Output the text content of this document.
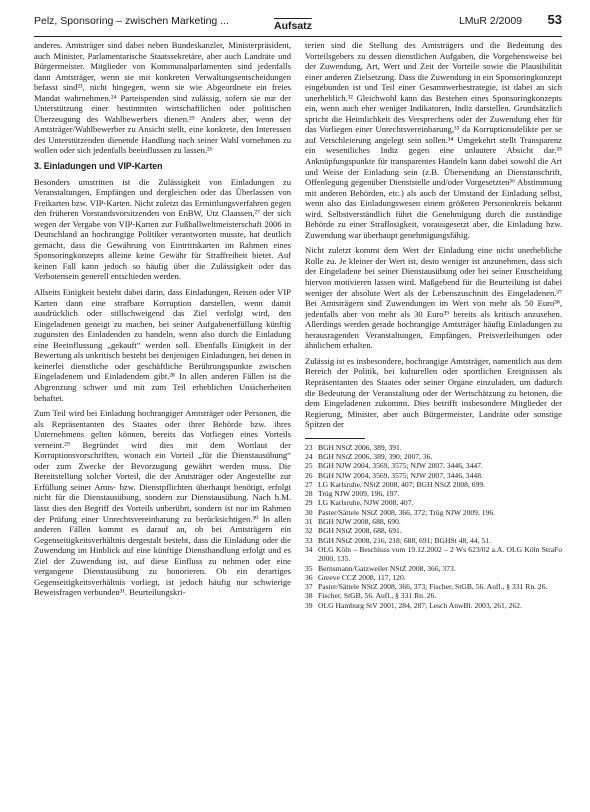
Pelz, Sponsoring – zwischen Marketing ...	Aufsatz	LMuR 2/2009 53

anderes. Amtsträger sind dabei neben Bundeskanzler, Ministerpräsident, auch Minister, Parlamentarische Staatssekretäre, aber auch Landräte und Bürgermeister. Mitglieder von Kommunalparlamenten sind jedenfalls dann Amtsträger, wenn sie mit konkreten Verwaltungsentscheidungen befasst sind²³, nicht hingegen, wenn sie wie Abgeordnete ein freies Mandat wahrnehmen.²⁴ Parteispenden sind zulässig, sofern sie nur der Unterstützung einer bestimmten wirtschaftlichen oder politischen Überzeugung des Wahlbewerbers dienen.²⁵ Anders aber, wenn der Amtsträger/Wahlbewerber zu Ansicht stellt, eine konkrete, den Interessen des Unterstützenden dienende Handlung nach seiner Wahl vornehmen zu wollen oder sich jedenfalls beeinflussen zu lassen.²⁶

3. Einladungen und VIP-Karten

Besonders umstritten ist die Zulässigkeit von Einladungen zu Veranstaltungen, Empfängen und dergleichen oder das Überlassen von Freikarten bzw. VIP-Karten. Nicht zuletzt das Ermittlungsverfahren gegen den früheren Vorstandsvorsitzenden von EnBW, Utz Claassen,²⁷ der sich wegen der Vergabe von VIP-Karten zur Fußballweltmeisterschaft 2006 in Deutschland an hochrangige Politiker verantworten musste, hat deutlich gemacht, dass die Gewährung von Eintrittskarten im Rahmen eines Sponsoringkonzepts alleine keine Gewähr für Straffreiheit bietet. Auf keinen Fall kann jedoch so häufig über die Zulässigkeit oder das Verbotensein generell entschieden werden.

Allseits Einigkeit besteht dabei darin, dass Einladungen, Reisen oder VIP Karten dann eine strafbare Korruption darstellen, wenn damit ausdrücklich oder stillschweigend das Ziel verfolgt wird, den Eingeladenen geneigt zu machen, bei seiner Aufgabenerfüllung künftig zugunsten des Einladenden zu handeln, wenn also durch die Einladung eine Beeinflussung „gekauft“ werden soll. Ebenfalls Einigkeit in der Bewertung als unkritisch besteht bei denjenigen Einladungen, bei denen in keinerlei dienstliche oder geschäftliche Berührungspunkte zwischen Eingeladenem und Einladendem gibt.²⁸ In allen anderen Fällen ist die Abgrenzung schwer und mit zum Teil erheblichen Unsicherheiten behaftet.

Zum Teil wird bei Einladung hochrangiger Amtsträger oder Personen, die als Repräsentanten des Staates oder ihrer Behörde bzw. ihres Unternehmens gelten können, bereits das Vorliegen eines Vorteils verneint.²⁹ Begründet wird dies mit dem Wortlaut der Korruptionsvorschriften, wonach ein Vorteil „für die Dienstausübung“ oder zum Zwecke der Bevorzugung gewährt werden muss. Die Bereitstellung solcher Vorteil, die der Amtsträger oder Angestellte zur Erfüllung seiner Amts- bzw. Dienstpflichten überhaupt benötigt, erfolgt nicht für die Dienstausübung, sondern zur Dienstausübung. Nach h.M. lässt dies den Begriff des Vorteils unberührt, sondern ist nur im Rahmen der Prüfung einer Unrechtsvereinbarung zu berücksichtigen.³⁰ In allen anderen Fällen kommt es darauf an, ob bei Amtsträgern ein Gegenseitigkeitsverhältnis dergestalt besteht, dass die Einladung oder die Zuwendung im Hinblick auf eine künftige Diensthandlung erfolgt und es Ziel der Zuwendung ist, auf diese Einfluss zu nehmen oder eine vergangene Dienstausübung zu honorieren. Ob ein derartiges Gegenseitigkeitsverhältnis vorliegt, ist jedoch häufig nur schwierige Beweisfragen verbunden³¹. Beurteilungskri-

terien sind die Stellung des Amtsträgers und die Bedeutung des Vorteilsgebers zu dessen dienstlichen Aufgaben, die Vorgehensweise bei der Zuwendung, Art, Wert und Zeit der Vorteile sowie die Plausibilität einer anderen Zielsetzung. Dass die Zuwendung in ein Sponsoringkonzept eingebunden ist und Teil einer Gesamtwerbestrategie, ist dabei an sich unerheblich.³² Gleichwohl kann das Bestehen eines Sponsoringkonzepts ein, wenn auch eher weniger Indikatoren, Indiz darstellen. Grundsätzlich spricht die Heimlichkeit des Versprechens oder der Zuwendung eher für das Vorliegen einer Unrechtsvereinbarung,³³ da Korruptionsdelikte per se auf Verschleierung angelegt sein sollen.³⁴ Umgekehrt stellt Transparenz ein wesentliches Indiz gegen eine unlautere Absicht dar.³⁵ Anknüpfungspunkte für transparentes Handeln kann dabei sowohl die Art und Weise der Einladung sein (z.B. Übersendung an Dienstanschrift, Offenlegung gegenüber Dienststelle und/oder Vorgesetzten³⁶ Abstimmung mit anderen Behörden, etc.) als auch der Umstand der Einladung selbst, wenn also das Einladungswesen einem größeren Personenkreis bekannt wird. Selbstverständlich führt die Genehmigung durch die zuständige Behörde zu einer Straflosigkeit, vorausgesetzt aber, die Einladung bzw. Zuwendung war überhaupt genehmigungsfähig.

Nicht zuletzt kommt dem Wert der Einladung eine nicht unerhebliche Rolle zu. Je kleiner der Wert ist, desto weniger ist anzunehmen, dass sich der Eingeladene bei seiner Dienstausübung oder bei seiner Entscheidung hiervon motivieren lassen wird. Maßgebend für die Beurteilung ist dabei weniger der absolute Wert als der Lebenszuschnitt des Eingeladenen.³⁷ Bei Amtsträgern sind Zuwendungen im Wert von mehr als 50 Euro³⁸, jedenfalls aber von mehr als 30 Euro³⁹ bereits als kritisch anzusehen. Allerdings werden gerade hochrangige Amtsträger häufig Einladungen zu herausragenden Veranstaltungen, Empfängen, Preisverleihungen oder ähnlichem erhalten.

Zulässig ist es insbesondere, hochrangige Amtsträger, namentlich aus dem Bereich der Politik, bei kulturellen oder sportlichen Ereignissen als Repräsentanten des Staates oder seiner Organe einzuladen, um dadurch die Bedeutung der Veranstaltung oder der Wertschätzung zu betonen, die dem Eingeladenen zukommt. Dies betrifft insbesondere Mitglieder der Regierung, Minister, aber auch Bürgermeister, Landräte oder sonstige Spitzen der

23 BGH NStZ 2006, 389, 391.
24 BGH NStZ 2006, 389, 390; 2007, 36.
25 BGH NJW 2004, 3569, 3575; NJW 2007, 3446, 3447.
26 BGH NJW 2004, 3569, 3575; NJW 2007, 3446, 3448.
27 LG Karlsruhe, NStZ 2008, 407; BGH NStZ 2008, 699.
28 Trüg NJW 2009, 196, 197.
29 LG Karlsruhe, NJW 2008, 407.
30 Paster/Sättele NStZ 2008, 366, 372; Trüg NJW 2009, 196.
31 BGH NJW 2008, 688, 690.
32 BGH NStZ 2008, 688, 691.
33 BGH NStZ 2008, 216, 218; 688, 691; BGHSt 48, 44, 51.
34 OLG Köln – Beschluss vom 19.12.2002 – 2 Ws 623/02 a.A. OLG Köln StraFo 2000, 135.
35 Bernsmann/Gatzweiler NStZ 2008, 366, 373.
36 Greeve CCZ 2008, 117, 120.
37 Paster/Sättele NStZ 2008, 366, 373; Fischer, StGB, 56. Aufl., § 331 Rn. 26.
38 Fischer, StGB, 56. Aufl., § 331 Rn. 26.
39 OLG Hamburg StV 2001, 284, 287; Lesch AnwBl. 2003, 261, 262.
